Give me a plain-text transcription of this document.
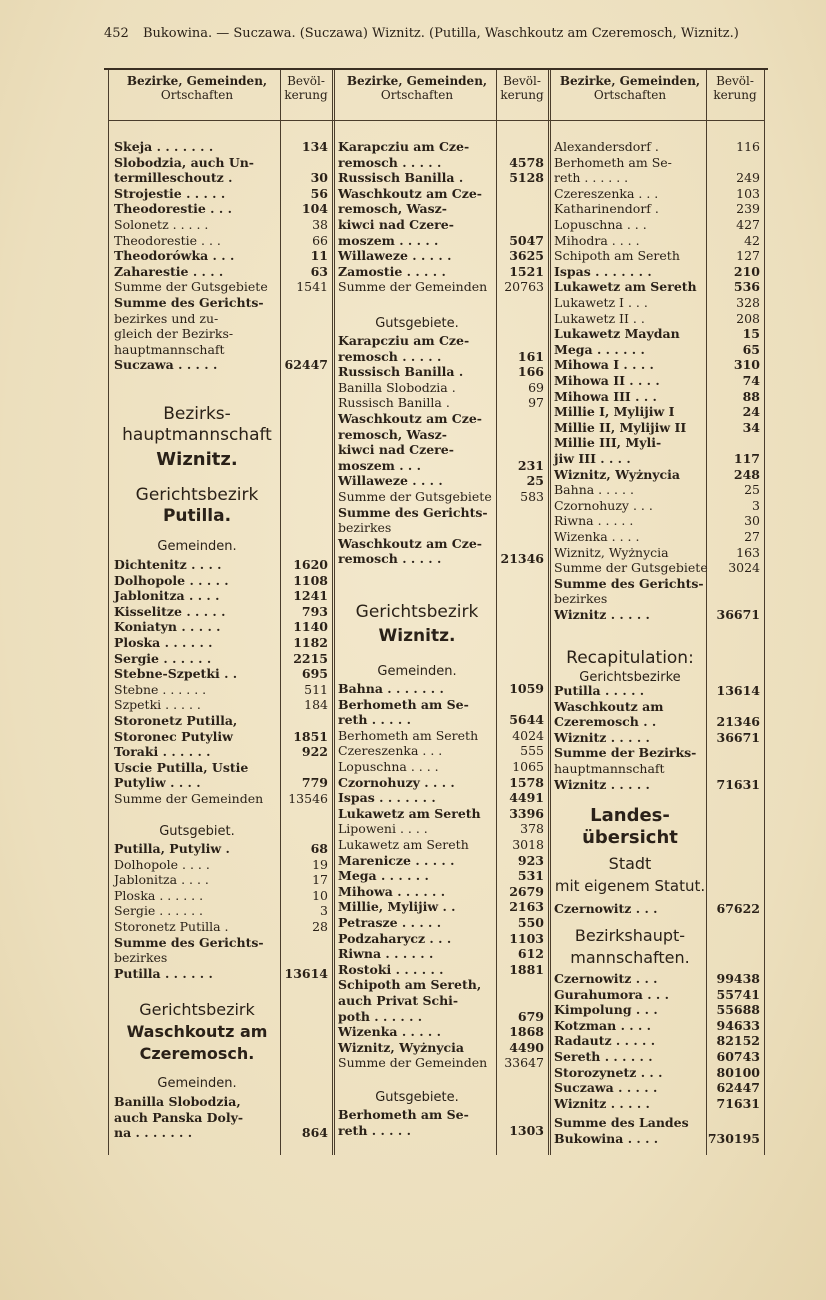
452 Bukowina. — Suczawa. (Suczawa) Wiznitz. (Putilla, Waschkoutz am Czeremosch, Wiznitz.)
Bezirke, Gemeinden,
Ortschaften
Bevöl-
kerung
Bezirke, Gemeinden,
Ortschaften
Bevöl-
kerung
Bezirke, Gemeinden,
Ortschaften
Bevöl-
kerung
Skeja . . . . . . .	134
Slobodzia, auch Un-
termilleschoutz .	30
Strojestie . . . . .	56
Theodorestie . . .	104
Solonetz . . . . .	38
Theodorestie . . .	66
Theodorówka . . .	11
Zaharestie . . . .	63
Summe der Gutsgebiete	1541
Summe des Gerichts-
bezirkes und zu-
gleich der Bezirks-
hauptmannschaft
Suczawa . . . . .	62447
Bezirks-
hauptmannschaft
Wiznitz.
Gerichtsbezirk
Putilla.
Gemeinden.
Dichtenitz . . . .	1620
Dolhopole . . . . .	1108
Jablonitza . . . .	1241
Kisselitze . . . . .	793
Koniatyn . . . . .	1140
Ploska . . . . . .	1182
Sergie . . . . . .	2215
Stebne-Szpetki . .	695
Stebne . . . . . .	511
Szpetki . . . . .	184
Storonetz Putilla,
Storonec Putyliw	1851
Toraki . . . . . .	922
Uscie Putilla, Ustie
Putyliw . . . .	779
Summe der Gemeinden	13546
Gutsgebiet.
Putilla, Putyliw .	68
Dolhopole . . . .	19
Jablonitza . . . .	17
Ploska . . . . . .	10
Sergie . . . . . .	3
Storonetz Putilla .	28
Summe des Gerichts-
bezirkes
Putilla . . . . . .	13614
Gerichtsbezirk
Waschkoutz am
Czeremosch.
Gemeinden.
Banilla Slobodzia,
auch Panska Doly-
na . . . . . . .	864
Karapcziu am Cze-
remosch . . . . .	4578
Russisch Banilla .	5128
Waschkoutz am Cze-
remosch, Wasz-
kiwci nad Czere-
moszem . . . . .	5047
Willaweze . . . . .	3625
Zamostie . . . . .	1521
Summe der Gemeinden	20763
Gutsgebiete.
Karapcziu am Cze-
remosch . . . . .	161
Russisch Banilla .	166
Banilla Slobodzia .	69
Russisch Banilla .	97
Waschkoutz am Cze-
remosch, Wasz-
kiwci nad Czere-
moszem . . .	231
Willaweze . . . .	25
Summe der Gutsgebiete	583
Summe des Gerichts-
bezirkes
Waschkoutz am Cze-
remosch . . . . .	21346
Gerichtsbezirk
Wiznitz.
Gemeinden.
Bahna . . . . . . .	1059
Berhometh am Se-
reth . . . . .	5644
Berhometh am Sereth	4024
Czereszenka . . .	555
Lopuschna . . . .	1065
Czornohuzy . . . .	1578
Ispas . . . . . . .	4491
Lukawetz am Sereth	3396
Lipoweni . . . .	378
Lukawetz am Sereth	3018
Marenicze . . . . .	923
Mega . . . . . .	531
Mihowa . . . . . .	2679
Millie, Mylijiw . .	2163
Petrasze . . . . .	550
Podzaharycz . . .	1103
Riwna . . . . . .	612
Rostoki . . . . . .	1881
Schipoth am Sereth,
auch Privat Schi-
poth . . . . . .	679
Wizenka . . . . .	1868
Wiznitz, Wyżnycia	4490
Summe der Gemeinden	33647
Gutsgebiete.
Berhometh am Se-
reth . . . . .	1303
Alexandersdorf .	116
Berhometh am Se-
reth . . . . . .	249
Czereszenka . . .	103
Katharinendorf .	239
Lopuschna . . .	427
Mihodra . . . .	42
Schipoth am Sereth	127
Ispas . . . . . . .	210
Lukawetz am Sereth	536
Lukawetz I . . .	328
Lukawetz II . .	208
Lukawetz Maydan	15
Mega . . . . . .	65
Mihowa I . . . .	310
Mihowa II . . . .	74
Mihowa III . . .	88
Millie I, Mylijiw I	24
Millie II, Mylijiw II	34
Millie III, Myli-
jiw III . . . .	117
Wiznitz, Wyżnycia	248
Bahna . . . . .	25
Czornohuzy . . .	3
Riwna . . . . .	30
Wizenka . . . .	27
Wiznitz, Wyżnycia	163
Summe der Gutsgebiete	3024
Summe des Gerichts-
bezirkes
Wiznitz . . . . .	36671
Recapitulation:
Gerichtsbezirke
Putilla . . . . .	13614
Waschkoutz am
Czeremosch . .	21346
Wiznitz . . . . .	36671
Summe der Bezirks-
hauptmannschaft
Wiznitz . . . . .	71631
Landes-
übersicht
Stadt
mit eigenem Statut.
Czernowitz . . .	67622
Bezirkshaupt-
mannschaften.
Czernowitz . . .	99438
Gurahumora . . .	55741
Kimpolung . . .	55688
Kotzman . . . .	94633
Radautz . . . . .	82152
Sereth . . . . . .	60743
Storozynetz . . .	80100
Suczawa . . . . .	62447
Wiznitz . . . . .	71631
Summe des Landes
Bukowina . . . .	730195
